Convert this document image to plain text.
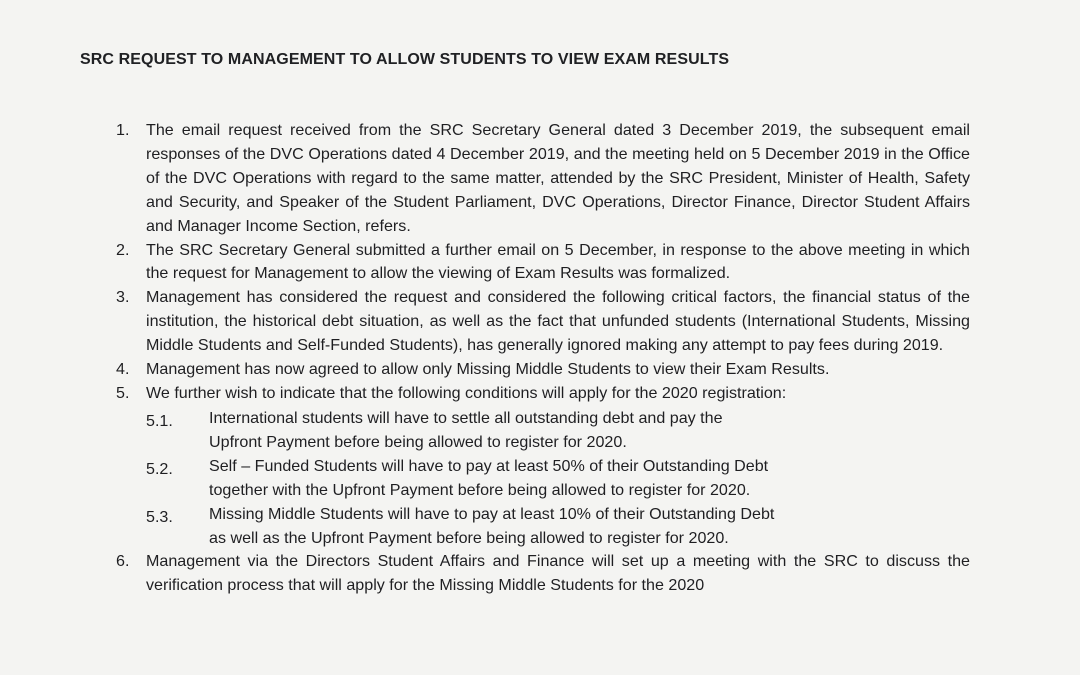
SRC REQUEST TO MANAGEMENT TO ALLOW STUDENTS TO VIEW EXAM RESULTS
1. The email request received from the SRC Secretary General dated 3 December 2019, the subsequent email responses of the DVC Operations dated 4 December 2019, and the meeting held on 5 December 2019 in the Office of the DVC Operations with regard to the same matter, attended by the SRC President, Minister of Health, Safety and Security, and Speaker of the Student Parliament, DVC Operations, Director Finance, Director Student Affairs and Manager Income Section, refers.
2. The SRC Secretary General submitted a further email on 5 December, in response to the above meeting in which the request for Management to allow the viewing of Exam Results was formalized.
3. Management has considered the request and considered the following critical factors, the financial status of the institution, the historical debt situation, as well as the fact that unfunded students (International Students, Missing Middle Students and Self-Funded Students), has generally ignored making any attempt to pay fees during 2019.
4. Management has now agreed to allow only Missing Middle Students to view their Exam Results.
5. We further wish to indicate that the following conditions will apply for the 2020 registration:
5.1. International students will have to settle all outstanding debt and pay the
Upfront Payment before being allowed to register for 2020.
5.2. Self – Funded Students will have to pay at least 50% of their Outstanding Debt
together with the Upfront Payment before being allowed to register for 2020.
5.3. Missing Middle Students will have to pay at least 10% of their Outstanding Debt
as well as the Upfront Payment before being allowed to register for 2020.
6. Management via the Directors Student Affairs and Finance will set up a meeting with the SRC to discuss the verification process that will apply for the Missing Middle Students for the 2020
